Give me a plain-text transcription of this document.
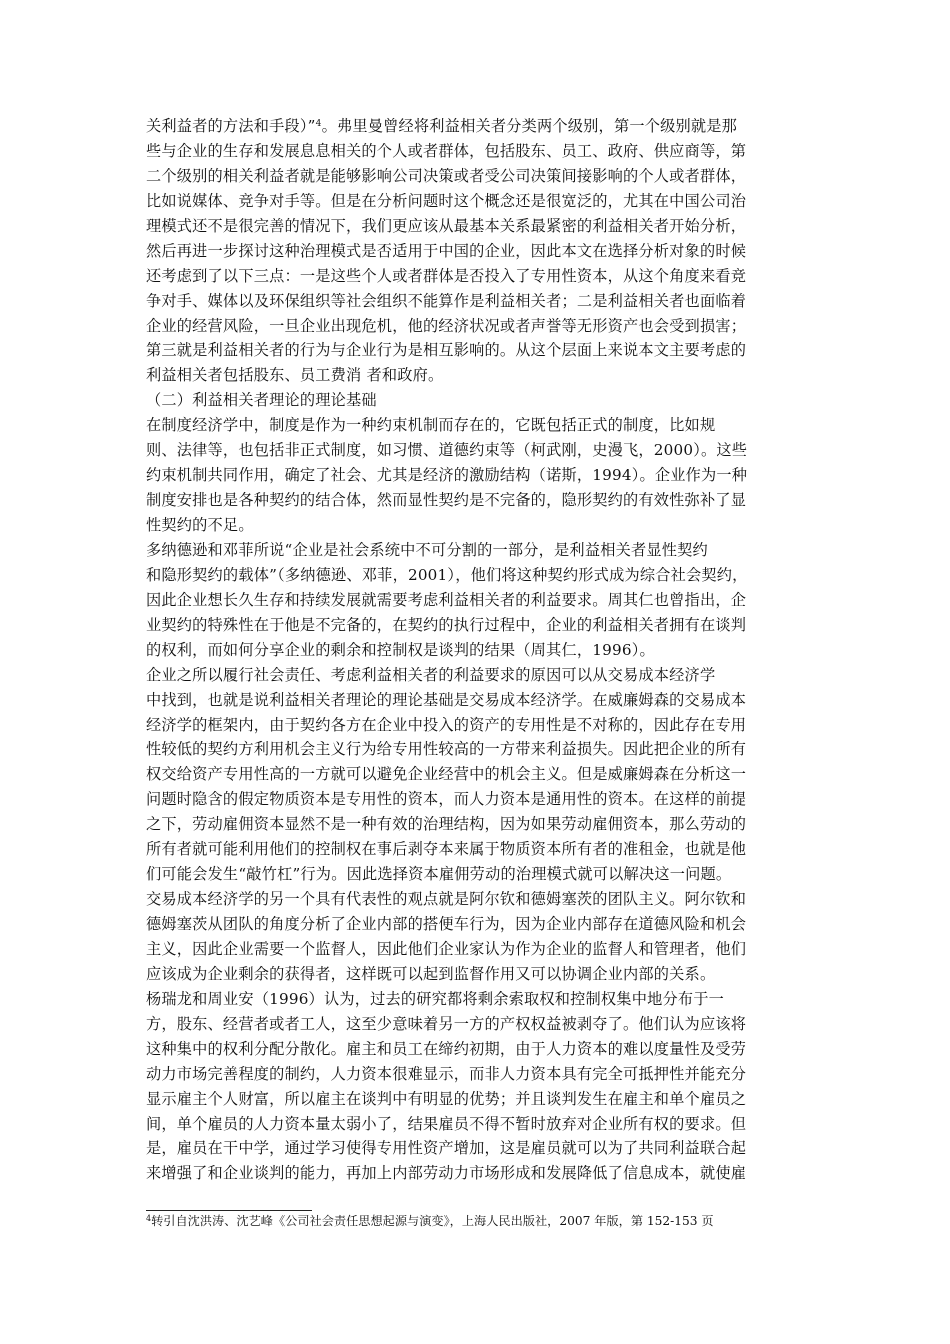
关利益者的方法和手段）”$^4$。弗里曼曾经将利益相关者分类两个级别，第一个级别就是那
些与企业的生存和发展息息相关的个人或者群体，包括股东、员工、政府、供应商等，第
二个级别的相关利益者就是能够影响公司决策或者受公司决策间接影响的个人或者群体，
比如说媒体、竞争对手等。但是在分析问题时这个概念还是很宽泛的，尤其在中国公司治
理模式还不是很完善的情况下，我们更应该从最基本关系最紧密的利益相关者开始分析，
然后再进一步探讨这种治理模式是否适用于中国的企业，因此本文在选择分析对象的时候
还考虑到了以下三点：一是这些个人或者群体是否投入了专用性资本，从这个角度来看竞
争对手、媒体以及环保组织等社会组织不能算作是利益相关者；二是利益相关者也面临着
企业的经营风险，一旦企业出现危机，他的经济状况或者声誉等无形资产也会受到损害；
第三就是利益相关者的行为与企业行为是相互影响的。从这个层面上来说本文主要考虑的
利益相关者包括股东、员工费消 者和政府。
（二）利益相关者理论的理论基础
在制度经济学中，制度是作为一种约束机制而存在的，它既包括正式的制度，比如规
则、法律等，也包括非正式制度，如习惯、道德约束等（柯武刚，史漫飞，2000）。这些
约束机制共同作用，确定了社会、尤其是经济的激励结构（诺斯，1994）。企业作为一种
制度安排也是各种契约的结合体，然而显性契约是不完备的，隐形契约的有效性弥补了显
性契约的不足。
多纳德逊和邓菲所说“企业是社会系统中不可分割的一部分，是利益相关者显性契约
和隐形契约的载体”（多纳德逊、邓菲，2001），他们将这种契约形式成为综合社会契约，
因此企业想长久生存和持续发展就需要考虑利益相关者的利益要求。周其仁也曾指出，企
业契约的特殊性在于他是不完备的，在契约的执行过程中，企业的利益相关者拥有在谈判
的权利，而如何分享企业的剩余和控制权是谈判的结果（周其仁，1996）。
企业之所以履行社会责任、考虑利益相关者的利益要求的原因可以从交易成本经济学
中找到，也就是说利益相关者理论的理论基础是交易成本经济学。在威廉姆森的交易成本
经济学的框架内，由于契约各方在企业中投入的资产的专用性是不对称的，因此存在专用
性较低的契约方利用机会主义行为给专用性较高的一方带来利益损失。因此把企业的所有
权交给资产专用性高的一方就可以避免企业经营中的机会主义。但是威廉姆森在分析这一
问题时隐含的假定物质资本是专用性的资本，而人力资本是通用性的资本。在这样的前提
之下，劳动雇佣资本显然不是一种有效的治理结构，因为如果劳动雇佣资本，那么劳动的
所有者就可能利用他们的控制权在事后剥夺本来属于物质资本所有者的准租金，也就是他
们可能会发生“敲竹杠”行为。因此选择资本雇佣劳动的治理模式就可以解决这一问题。
交易成本经济学的另一个具有代表性的观点就是阿尔钦和德姆塞茨的团队主义。阿尔钦和
德姆塞茨从团队的角度分析了企业内部的搭便车行为，因为企业内部存在道德风险和机会
主义，因此企业需要一个监督人，因此他们企业家认为作为企业的监督人和管理者，他们
应该成为企业剩余的获得者，这样既可以起到监督作用又可以协调企业内部的关系。
杨瑞龙和周业安（1996）认为，过去的研究都将剩余索取权和控制权集中地分布于一
方，股东、经营者或者工人，这至少意味着另一方的产权权益被剥夺了。他们认为应该将
这种集中的权利分配分散化。雇主和员工在缔约初期，由于人力资本的难以度量性及受劳
动力市场完善程度的制约，人力资本很难显示，而非人力资本具有完全可抵押性并能充分
显示雇主个人财富，所以雇主在谈判中有明显的优势；并且谈判发生在雇主和单个雇员之
间，单个雇员的人力资本量太弱小了，结果雇员不得不暂时放弃对企业所有权的要求。但
是，雇员在干中学，通过学习使得专用性资产增加，这是雇员就可以为了共同利益联合起
来增强了和企业谈判的能力，再加上内部劳动力市场形成和发展降低了信息成本，就使雇
$^4$转引自沈洪涛、沈艺峰《公司社会责任思想起源与演变》，上海人民出版社，2007 年版，第 152-153 页
